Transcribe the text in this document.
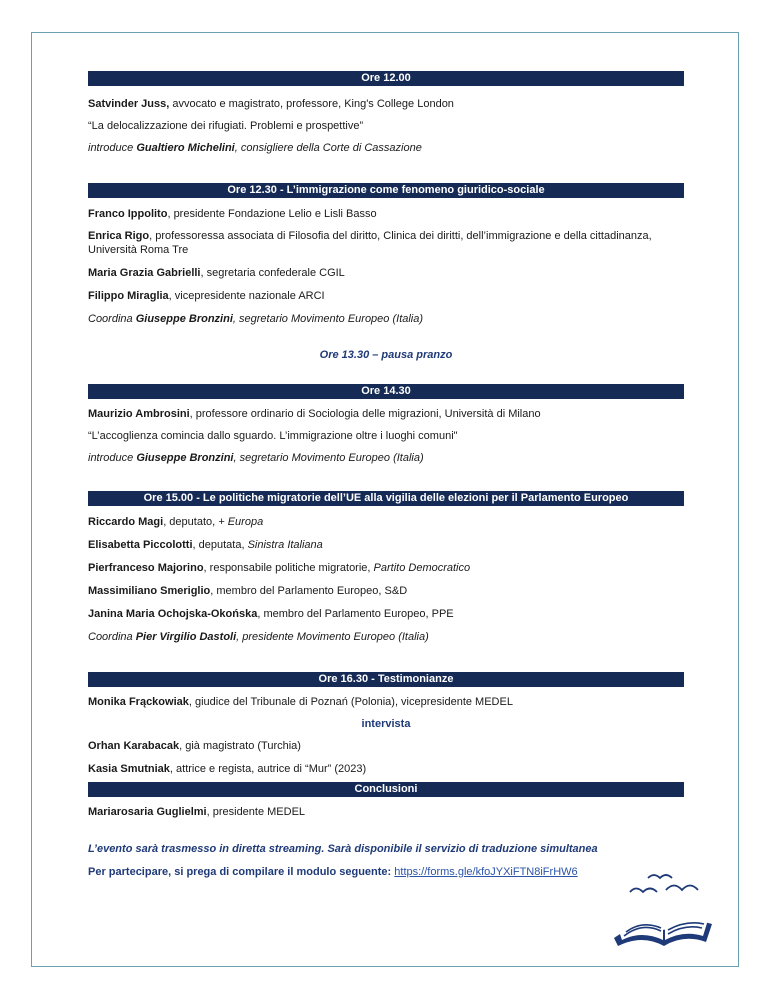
Ore 12.00

Satvinder Juss, avvocato e magistrato, professore, King's College London

“La delocalizzazione dei rifugiati. Problemi e prospettive”

introduce Gualtiero Michelini, consigliere della Corte di Cassazione

Ore 12.30 - L’immigrazione come fenomeno giuridico-sociale

Franco Ippolito, presidente Fondazione Lelio e Lisli Basso

Enrica Rigo, professoressa associata di Filosofia del diritto, Clinica dei diritti, dell’immigrazione e della cittadinanza, Università Roma Tre

Maria Grazia Gabrielli, segretaria confederale CGIL

Filippo Miraglia, vicepresidente nazionale ARCI

Coordina Giuseppe Bronzini, segretario Movimento Europeo (Italia)

Ore 13.30 – pausa pranzo

Ore 14.30

Maurizio Ambrosini, professore ordinario di Sociologia delle migrazioni, Università di Milano

“L’accoglienza comincia dallo sguardo. L’immigrazione oltre i luoghi comuni"

introduce Giuseppe Bronzini, segretario Movimento Europeo (Italia)

Ore 15.00 - Le politiche migratorie dell’UE alla vigilia delle elezioni per il Parlamento Europeo

Riccardo Magi, deputato, + Europa

Elisabetta Piccolotti, deputata, Sinistra Italiana

Pierfranceso Majorino, responsabile politiche migratorie, Partito Democratico

Massimiliano Smeriglio, membro del Parlamento Europeo, S&D

Janina Maria Ochojska-Okońska, membro del Parlamento Europeo, PPE

Coordina Pier Virgilio Dastoli, presidente Movimento Europeo (Italia)

Ore 16.30 - Testimonianze

Monika Frąckowiak, giudice del Tribunale di Poznań (Polonia), vicepresidente MEDEL

intervista

Orhan Karabacak, già magistrato (Turchia)

Kasia Smutniak, attrice e regista, autrice di “Mur” (2023)

Conclusioni

Mariarosaria Guglielmi, presidente MEDEL

L’evento sarà trasmesso in diretta streaming. Sarà disponibile il servizio di traduzione simultanea

Per partecipare, si prega di compilare il modulo seguente: https://forms.gle/kfoJYXiFTN8iFrHW6
